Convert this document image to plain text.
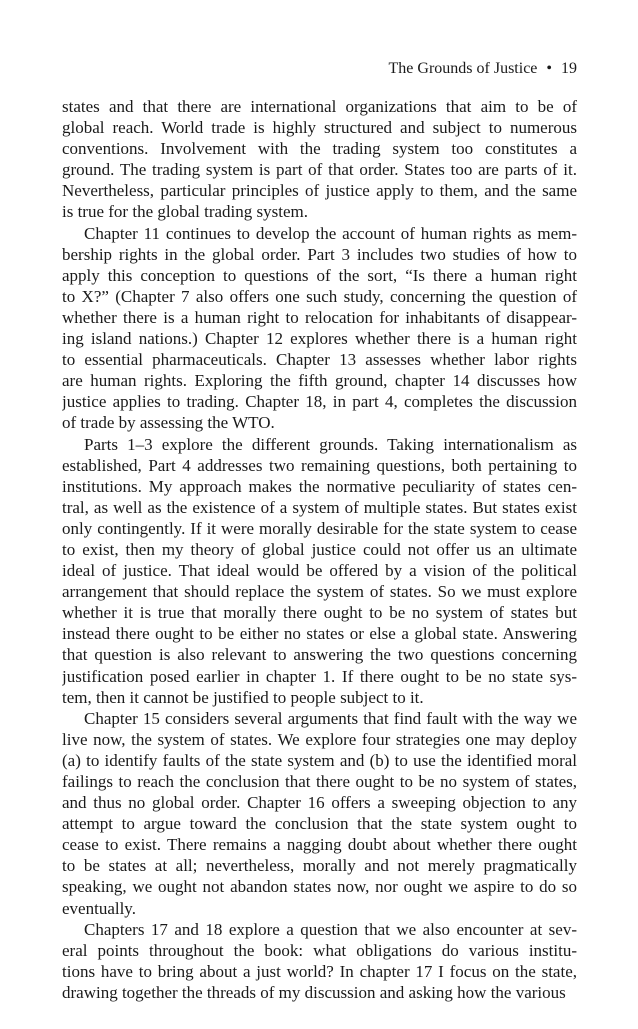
The Grounds of Justice • 19
states and that there are international organizations that aim to be of
global reach. World trade is highly structured and subject to numerous
conventions. Involvement with the trading system too constitutes a
ground. The trading system is part of that order. States too are parts of it.
Nevertheless, particular principles of justice apply to them, and the same
is true for the global trading system.
Chapter 11 continues to develop the account of human rights as mem-
bership rights in the global order. Part 3 includes two studies of how to
apply this conception to questions of the sort, “Is there a human right
to X?” (Chapter 7 also offers one such study, concerning the question of
whether there is a human right to relocation for inhabitants of disappear-
ing island nations.) Chapter 12 explores whether there is a human right
to essential pharmaceuticals. Chapter 13 assesses whether labor rights
are human rights. Exploring the fifth ground, chapter 14 discusses how
justice applies to trading. Chapter 18, in part 4, completes the discussion
of trade by assessing the WTO.
Parts 1–3 explore the different grounds. Taking internationalism as
established, Part 4 addresses two remaining questions, both pertaining to
institutions. My approach makes the normative peculiarity of states cen-
tral, as well as the existence of a system of multiple states. But states exist
only contingently. If it were morally desirable for the state system to cease
to exist, then my theory of global justice could not offer us an ultimate
ideal of justice. That ideal would be offered by a vision of the political
arrangement that should replace the system of states. So we must explore
whether it is true that morally there ought to be no system of states but
instead there ought to be either no states or else a global state. Answering
that question is also relevant to answering the two questions concerning
justification posed earlier in chapter 1. If there ought to be no state sys-
tem, then it cannot be justified to people subject to it.
Chapter 15 considers several arguments that find fault with the way we
live now, the system of states. We explore four strategies one may deploy
(a) to identify faults of the state system and (b) to use the identified moral
failings to reach the conclusion that there ought to be no system of states,
and thus no global order. Chapter 16 offers a sweeping objection to any
attempt to argue toward the conclusion that the state system ought to
cease to exist. There remains a nagging doubt about whether there ought
to be states at all; nevertheless, morally and not merely pragmatically
speaking, we ought not abandon states now, nor ought we aspire to do so
eventually.
Chapters 17 and 18 explore a question that we also encounter at sev-
eral points throughout the book: what obligations do various institu-
tions have to bring about a just world? In chapter 17 I focus on the state,
drawing together the threads of my discussion and asking how the various
